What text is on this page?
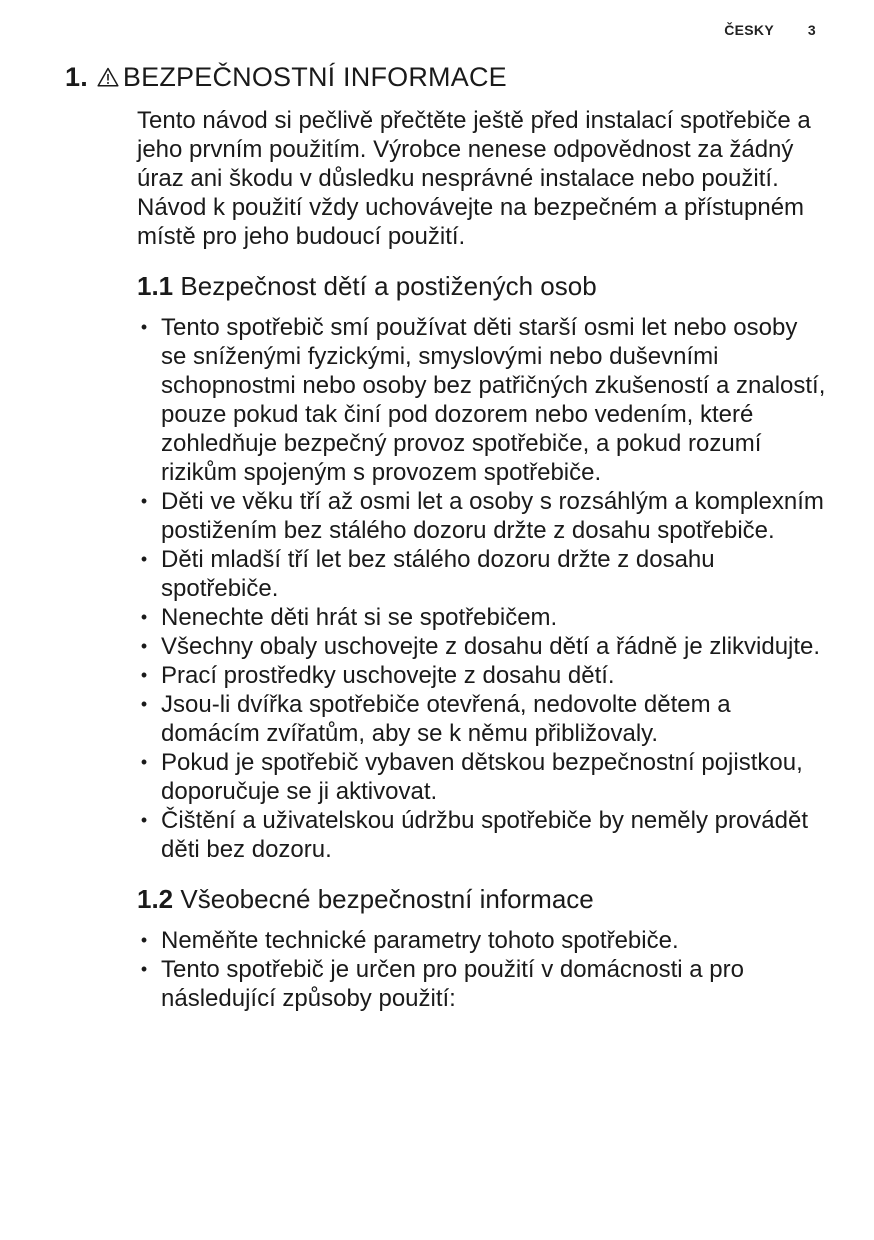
ČESKY 3
1. BEZPEČNOSTNÍ INFORMACE

Tento návod si pečlivě přečtěte ještě před instalací spotřebiče a jeho prvním použitím. Výrobce nenese odpovědnost za žádný úraz ani škodu v důsledku nesprávné instalace nebo použití. Návod k použití vždy uchovávejte na bezpečném a přístupném místě pro jeho budoucí použití.

1.1 Bezpečnost dětí a postižených osob
• Tento spotřebič smí používat děti starší osmi let nebo osoby se sníženými fyzickými, smyslovými nebo duševními schopnostmi nebo osoby bez patřičných zkušeností a znalostí, pouze pokud tak činí pod dozorem nebo vedením, které zohledňuje bezpečný provoz spotřebiče, a pokud rozumí rizikům spojeným s provozem spotřebiče.
• Děti ve věku tří až osmi let a osoby s rozsáhlým a komplexním postižením bez stálého dozoru držte z dosahu spotřebiče.
• Děti mladší tří let bez stálého dozoru držte z dosahu spotřebiče.
• Nenechte děti hrát si se spotřebičem.
• Všechny obaly uschovejte z dosahu dětí a řádně je zlikvidujte.
• Prací prostředky uschovejte z dosahu dětí.
• Jsou-li dvířka spotřebiče otevřená, nedovolte dětem a domácím zvířatům, aby se k němu přibližovaly.
• Pokud je spotřebič vybaven dětskou bezpečnostní pojistkou, doporučuje se ji aktivovat.
• Čištění a uživatelskou údržbu spotřebiče by neměly provádět děti bez dozoru.
1.2 Všeobecné bezpečnostní informace
• Neměňte technické parametry tohoto spotřebiče.
• Tento spotřebič je určen pro použití v domácnosti a pro následující způsoby použití:
